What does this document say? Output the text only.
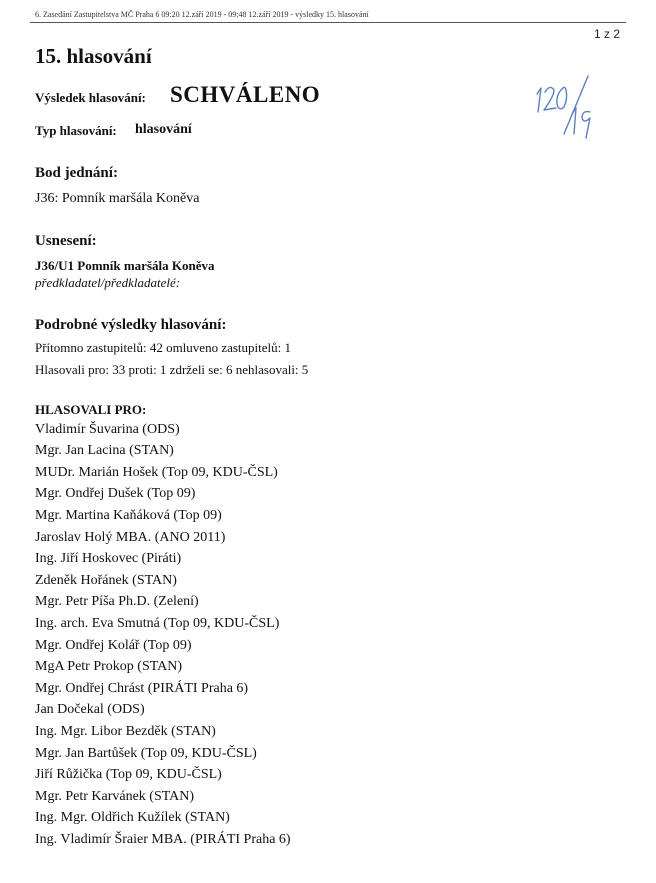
6. Zasedání Zastupitelstva MČ Praha 6 09:20 12.září 2019 - 09:48 12.září 2019 - výsledky 15. hlasování
1 z 2
15. hlasování
Výsledek hlasování: SCHVÁLENO
Typ hlasování: hlasování
Bod jednání:
J36: Pomník maršála Koněva
Usnesení:
J36/U1 Pomník maršála Koněva
předkladatel/předkladatelé:
Podrobné výsledky hlasování:
Přítomno zastupitelů: 42 omluveno zastupitelů: 1
Hlasovali pro: 33 proti: 1 zdrželi se: 6 nehlasovali: 5
HLASOVALI PRO:
Vladimír Šuvarina (ODS)
Mgr. Jan Lacina (STAN)
MUDr. Marián Hošek (Top 09, KDU-ČSL)
Mgr. Ondřej Dušek (Top 09)
Mgr. Martina Kaňáková (Top 09)
Jaroslav Holý MBA. (ANO 2011)
Ing. Jiří Hoskovec (Piráti)
Zdeněk Hořánek (STAN)
Mgr. Petr Píša Ph.D. (Zelení)
Ing. arch. Eva Smutná (Top 09, KDU-ČSL)
Mgr. Ondřej Kolář (Top 09)
MgA Petr Prokop (STAN)
Mgr. Ondřej Chrást (PIRÁTI Praha 6)
Jan Dočekal (ODS)
Ing. Mgr. Libor Bezděk (STAN)
Mgr. Jan Bartůšek (Top 09, KDU-ČSL)
Jiří Růžička (Top 09, KDU-ČSL)
Mgr. Petr Karvánek (STAN)
Ing. Mgr. Oldřich Kužílek (STAN)
Ing. Vladimír Šraier MBA. (PIRÁTI Praha 6)
